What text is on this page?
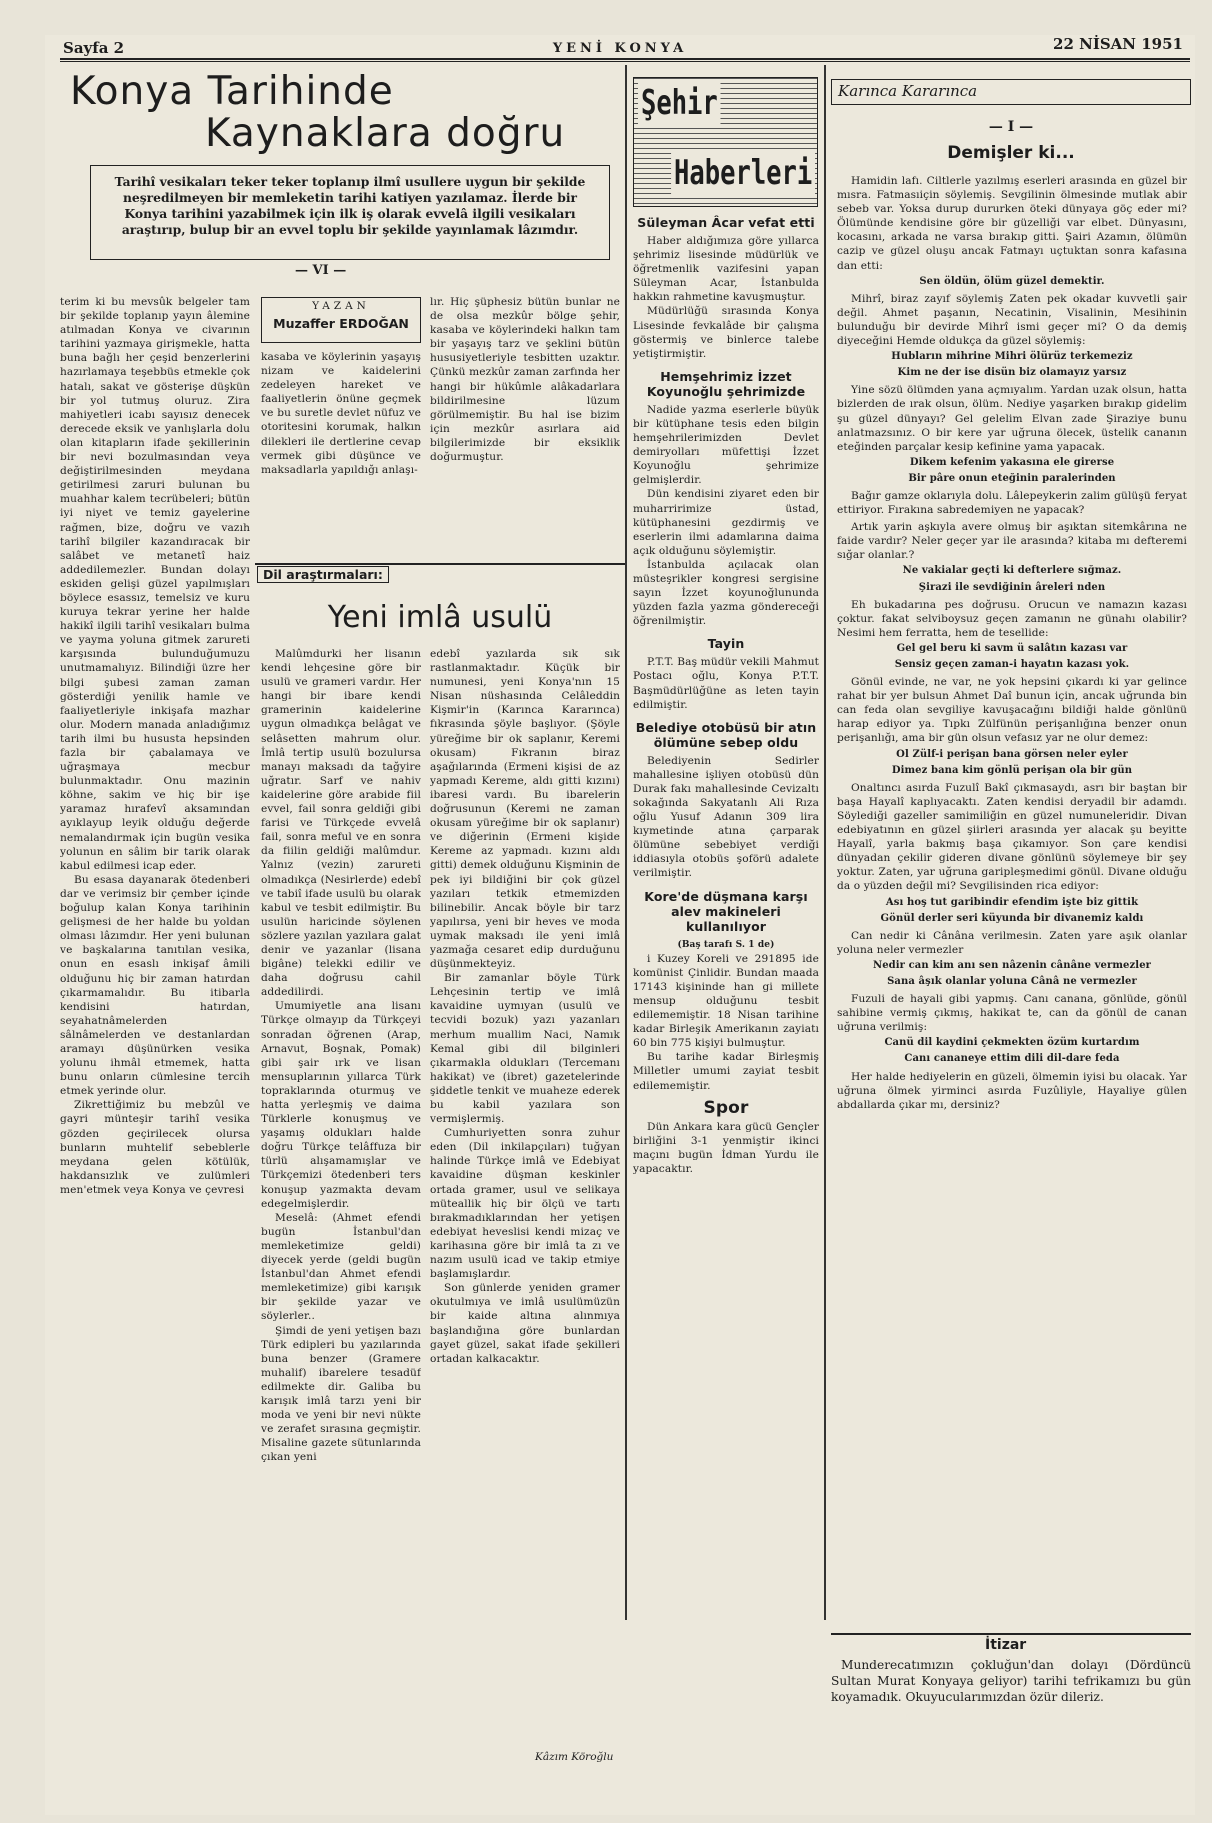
Sayfa 2	YENİ KONYA	22 NİSAN 1951
Konya Tarihinde
Kaynaklara doğru
Tarihî vesikaları teker teker toplanıp ilmî usullere uygun bir şekilde neşredilmeyen bir memleketin tarihi katiyen yazılamaz. İlerde bir Konya tarihini yazabilmek için ilk iş olarak evvelâ ilgili vesikaları araştırıp, bulup bir an evvel toplu bir şekilde yayınlamak lâzımdır.
— VI —

terim ki bu mevsûk belgeler tam bir şekilde toplanıp yayın âlemine atılmadan Konya ve civarının tarihini yazmaya girişmekle, hatta buna bağlı her çeşid benzerlerini hazırlamaya teşebbüs etmekle çok hatalı, sakat ve gösterişe düşkün bir yol tutmuş oluruz. Zira mahiyetleri icabı sayısız denecek derecede eksik ve yanlışlarla dolu olan kitapların ifade şekillerinin bir nevi bozulmasından veya değiştirilmesinden meydana getirilmesi zaruri bulunan bu muahhar kalem tecrübeleri; bütün iyi niyet ve temiz gayelerine rağmen, bize, doğru ve vazıh tarihî bilgiler kazandıracak bir salâbet ve metanetî haiz addedilemezler. Bundan dolayı eskiden gelişi güzel yapılmışları böylece esassız, temelsiz ve kuru kuruya tekrar yerine her halde hakikî ilgili tarihî vesikaları bulma ve yayma yoluna gitmek zarureti karşısında bulunduğumuzu unutmamalıyız. Bilindiği üzre her bilgi şubesi zaman zaman gösterdiği yenilik hamle ve faaliyetleriyle inkişafa mazhar olur. Modern manada anladığımız tarih ilmi bu hususta hepsinden fazla bir çabalamaya ve uğraşmaya mecbur bulunmaktadır. Onu mazinin köhne, sakim ve hiç bir işe yaramaz hırafevî aksamından ayıklayup leyik olduğu değerde nemalandırmak için bugün vesika yolunun en sâlim bir tarik olarak kabul edilmesi icap eder.

Bu esasa dayanarak ötedenberi dar ve verimsiz bir çember içinde boğulup kalan Konya tarihinin gelişmesi de her halde bu yoldan olması lâzımdır. Her yeni bulunan ve başkalarına tanıtılan vesika, onun en esaslı inkişaf âmili olduğunu hiç bir zaman hatırdan çıkarmamalıdır. Bu itibarla kendisini hatırdan, seyahatnâmelerden sâlnâmelerden ve destanlardan aramayı düşünürken vesika yolunu ihmâl etmemek, hatta bunu onların cümlesine tercih etmek yerinde olur.

Zikrettiğimiz bu mebzûl ve gayri münteşir tarihî vesika gözden geçirilecek olursa bunların muhtelif sebeblerle meydana gelen kötülük, hakdansızlık ve zulümleri men'etmek veya Konya ve çevresi

YAZAN
Muzaffer ERDOĞAN

kasaba ve köylerinin yaşayış nizam ve kaidelerini zedeleyen hareket ve faaliyetlerin önüne geçmek ve bu suretle devlet nüfuz ve otoritesini korumak, halkın dilekleri ile dertlerine cevap vermek gibi düşünce ve maksadlarla yapıldığı anlaşı-

lır. Hiç şüphesiz bütün bunlar ne de olsa mezkûr bölge şehir, kasaba ve köylerindeki halkın tam bir yaşayış tarz ve şeklini bütün hususiyetleriyle tesbitten uzaktır. Çünkü mezkûr zaman zarfında her hangi bir hükûmle alâkadarlara bildirilmesine lüzum görülmemiştir. Bu hal ise bizim için mezkûr asırlara aid bilgilerimizde bir eksiklik doğurmuştur.

Dil araştırmaları:
Yeni imlâ usulü

Malûmdurki her lisanın kendi lehçesine göre bir usulü ve grameri vardır. Her hangi bir ibare kendi gramerinin kaidelerine uygun olmadıkça belâgat ve selâsetten mahrum olur. İmlâ tertip usulü bozulursa manayı maksadı da tağyire uğratır. Sarf ve nahiv kaidelerine göre arabide fiil evvel, fail sonra geldiği gibi farisi ve Türkçede evvelâ fail, sonra meful ve en sonra da fiilin geldiği malûmdur. Yalnız (vezin) zarureti olmadıkça (Nesirlerde) edebî ve tabiî ifade usulü bu olarak kabul ve tesbit edilmiştir. Bu usulün haricinde söylenen sözlere yazılan yazılara galat denir ve yazanlar (lisana bigâne) telekki edilir ve daha doğrusu cahil addedilirdi.

Umumiyetle ana lisanı Türkçe olmayıp da Türkçeyi sonradan öğrenen (Arap, Arnavut, Boşnak, Pomak) gibi şair ırk ve lisan mensuplarının yıllarca Türk topraklarında oturmuş ve hatta yerleşmiş ve daima Türklerle konuşmuş ve yaşamış oldukları halde doğru Türkçe telâffuza bir türlü alışamamışlar ve Türkçemizi ötedenberi ters konuşup yazmakta devam edegelmişlerdir.

Meselâ: (Ahmet efendi bugün İstanbul'dan memleketimize geldi) diyecek yerde (geldi bugün İstanbul'dan Ahmet efendi memleketimize) gibi karışık bir şekilde yazar ve söylerler..

Şimdi de yeni yetişen bazı Türk edipleri bu yazılarında buna benzer (Gramere muhalif) ibarelere tesadüf edilmekte dir. Galiba bu karışık imlâ tarzı yeni bir moda ve yeni bir nevi nükte ve zerafet sırasına geçmiştir. Misaline gazete sütunlarında çıkan yeni

edebî yazılarda sık sık rastlanmaktadır. Küçük bir numunesi, yeni Konya'nın 15 Nisan nüshasında Celâleddin Kişmir'in (Karınca Kararınca) fıkrasında şöyle başlıyor. (Şöyle yüreğime bir ok saplanır, Keremi okusam) Fıkranın biraz aşağılarında (Ermeni kişisi de az yapmadı Kereme, aldı gitti kızını) ibaresi vardı. Bu ibarelerin doğrusunun (Keremi ne zaman okusam yüreğime bir ok saplanır) ve diğerinin (Ermeni kişide Kereme az yapmadı. kızını aldı gitti) demek olduğunu Kişminin de pek iyi bildiğini bir çok güzel yazıları tetkik etmemizden bilinebilir. Ancak böyle bir tarz yapılırsa, yeni bir heves ve moda uymak maksadı ile yeni imlâ yazmağa cesaret edip durduğunu düşünmekteyiz.

Bir zamanlar böyle Türk Lehçesinin tertip ve imlâ kavaidine uymıyan (usulü ve tecvidi bozuk) yazı yazanları merhum muallim Naci, Namık Kemal gibi dil bilginleri çıkarmakla oldukları (Tercemanı hakikat) ve (ibret) gazetelerinde şiddetle tenkit ve muaheze ederek bu kabil yazılara son vermişlermiş.

Cumhuriyetten sonra zuhur eden (Dil inkilapçıları) tuğyan halinde Türkçe imlâ ve Edebiyat kavaidine düşman keskinler ortada gramer, usul ve selikaya müteallik hiç bir ölçü ve tartı bırakmadıklarından her yetişen edebiyat heveslisi kendi mizaç ve karihasına göre bir imlâ ta zı ve nazım usulü icad ve takip etmiye başlamışlardır.

Son günlerde yeniden gramer okutulmıya ve imlâ usulümüzün bir kaide altına alınmıya başlandığına göre bunlardan gayet güzel, sakat ifade şekilleri ortadan kalkacaktır.

Kâzım Köroğlu
Şehir
Haberleri
Süleyman Âcar vefat etti

Haber aldığımıza göre yıllarca şehrimiz lisesinde müdürlük ve öğretmenlik vazifesini yapan Süleyman Acar, İstanbulda hakkın rahmetine kavuşmuştur.

Müdürlüğü sırasında Konya Lisesinde fevkalâde bir çalışma göstermiş ve binlerce talebe yetiştirmiştir.

Hemşehrimiz İzzet Koyunoğlu şehrimizde

Nadide yazma eserlerle büyük bir kütüphane tesis eden bilgin hemşehrilerimizden Devlet demiryolları müfettişi İzzet Koyunoğlu şehrimize gelmişlerdir.

Dün kendisini ziyaret eden bir muharririmize üstad, kütüphanesini gezdirmiş ve eserlerin ilmi adamlarına daima açık olduğunu söylemiştir.

İstanbulda açılacak olan müsteşrikler kongresi sergisine sayın İzzet koyunoğlununda yüzden fazla yazma göndereceği öğrenilmiştir.

Tayin

P.T.T. Baş müdür vekili Mahmut Postacı oğlu, Konya P.T.T. Başmüdürlüğüne as leten tayin edilmiştir.

Belediye otobüsü bir atın ölümüne sebep oldu

Belediyenin Sedirler mahallesine işliyen otobüsü dün Durak fakı mahallesinde Cevizaltı sokağında Sakyatanlı Ali Rıza oğlu Yusuf Adanın 309 lira kıymetinde atına çarparak ölümüne sebebiyet verdiği iddiasıyla otobüs şoförü adalete verilmiştir.

Kore'de düşmana karşı alev makineleri kullanılıyor
(Baş tarafı S. 1 de)

i Kuzey Koreli ve 291895 ide komünist Çinlidir. Bundan maada 17143 kişininde han gi millete mensup olduğunu tesbit edilememiştir. 18 Nisan tarihine kadar Birleşik Amerikanın zayiatı 60 bin 775 kişiyi bulmuştur.

Bu tarihe kadar Birleşmiş Milletler umumi zayiat tesbit edilememiştir.

Spor

Dün Ankara kara gücü Gençler birliğini 3-1 yenmiştir ikinci maçını bugün İdman Yurdu ile yapacaktır.

Karınca Kararınca
— I —
Demişler ki...

Hamidin lafı. Ciltlerle yazılmış eserleri arasında en güzel bir mısra. Fatmasıiçin söylemiş. Sevgilinin ölmesinde mutlak abir sebeb var. Yoksa durup dururken öteki dünyaya göç eder mi? Ölümünde kendisine göre bir güzelliği var elbet. Dünyasını, kocasını, arkada ne varsa bırakıp gitti. Şairi Azamın, ölümün cazip ve güzel oluşu ancak Fatmayı uçtuktan sonra kafasına dan etti:

Sen öldün, ölüm güzel demektir.

Mihrî, biraz zayıf söylemiş Zaten pek okadar kuvvetli şair değil. Ahmet paşanın, Necatinin, Visalinin, Mesihinin bulunduğu bir devirde Mihrî ismi geçer mi? O da demiş diyeceğini Hemde oldukça da güzel söylemiş:

Hubların mihrine Mihri ölürüz terkemeziz

Kim ne der ise disün biz olamayız yarsız

Yine sözü ölümden yana açmıyalım. Yardan uzak olsun, hatta bizlerden de ırak olsun, ölüm. Nediye yaşarken bırakıp gidelim şu güzel dünyayı? Gel gelelim Elvan zade Şiraziye bunu anlatmazsınız. O bir kere yar uğruna ölecek, üstelik cananın eteğinden parçalar kesip kefinine yama yapacak.

Dikem kefenim yakasına ele girerse

Bir pâre onun eteğinin paralerinden

Bağır gamze oklarıyla dolu. Lâlepeykerin zalim gülüşü feryat ettiriyor. Fırakına sabredemiyen ne yapacak?

Artık yarin aşkıyla avere olmuş bir aşıktan sitemkârına ne faide vardır? Neler geçer yar ile arasında? kitaba mı defteremi sığar olanlar.?

Ne vakialar geçti ki defterlere sığmaz.

Şirazi ile sevdiğinin âreleri nden

Eh bukadarına pes doğrusu. Orucun ve namazın kazası çoktur. fakat selviboysuz geçen zamanın ne günahı olabilir? Nesimi hem ferratta, hem de tesellide:

Gel gel beru ki savm ü salâtın kazası var

Sensiz geçen zaman-i hayatın kazası yok.

Gönül evinde, ne var, ne yok hepsini çıkardı ki yar gelince rahat bir yer bulsun Ahmet Daî bunun için, ancak uğrunda bin can feda olan sevgiliye kavuşacağını bildiği halde gönlünü harap ediyor ya. Tıpkı Zülfünün perişanlığına benzer onun perişanlığı, ama bir gün olsun vefasız yar ne olur demez:

Ol Zülf-i perişan bana görsen neler eyler

Dimez bana kim gönlü perişan ola bir gün

Onaltıncı asırda Fuzulî Bakî çıkmasaydı, asrı bir baştan bir başa Hayalî kaplıyacaktı. Zaten kendisi deryadil bir adamdı. Söylediği gazeller samimiliğin en güzel numuneleridir. Divan edebiyatının en güzel şiirleri arasında yer alacak şu beyitte Hayalî, yarla bakmış başa çıkamıyor. Son çare kendisi dünyadan çekilir gideren divane gönlünü söylemeye bir şey yoktur. Zaten, yar uğruna garipleşmedimi gönül. Divane olduğu da o yüzden değil mi? Sevgilisinden rica ediyor:

Ası hoş tut garibindir efendim işte biz gittik

Gönül derler seri küyunda bir divanemiz kaldı

Can nedir ki Cânâna verilmesin. Zaten yare aşık olanlar yoluna neler vermezler

Nedir can kim anı sen nâzenin cânâne vermezler

Sana âşık olanlar yoluna Cânâ ne vermezler

Fuzuli de hayali gibi yapmış. Canı canana, gönlüde, gönül sahibine vermiş çıkmış, hakikat te, can da gönül de canan uğruna verilmiş:

Canü dil kaydini çekmekten özüm kurtardım

Canı cananeye ettim dili dil-dare feda

Her halde hediyelerin en güzeli, ölmemin iyisi bu olacak. Yar uğruna ölmek yirminci asırda Fuzûliyle, Hayaliye gülen abdallarda çıkar mı, dersiniz?

İtizar
Munderecatımızın çokluğun'dan dolayı (Dördüncü Sultan Murat Konyaya geliyor) tarihi tefrikamızı bu gün koyamadık. Okuyucularımızdan özür dileriz.
